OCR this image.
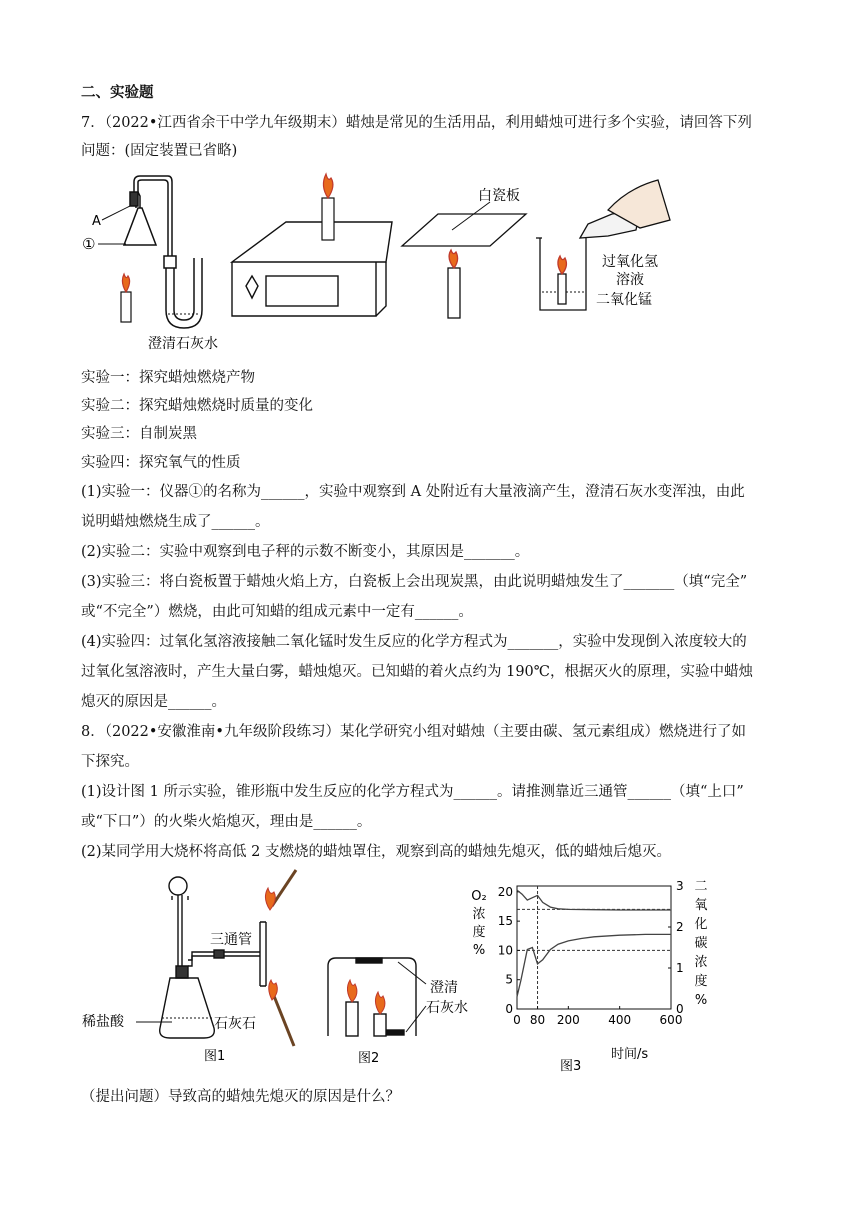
二、实验题
7．（2022•江西省余干中学九年级期末）蜡烛是常见的生活用品，利用蜡烛可进行多个实验，请回答下列
问题：(固定装置已省略)
A
①
澄清石灰水
白瓷板
过氧化氢
溶液
二氧化锰
实验一：探究蜡烛燃烧产物
实验二：探究蜡烛燃烧时质量的变化
实验三：自制炭黑
实验四：探究氧气的性质
(1)实验一：仪器①的名称为______，实验中观察到 A 处附近有大量液滴产生，澄清石灰水变浑浊，由此
说明蜡烛燃烧生成了______。
(2)实验二：实验中观察到电子秤的示数不断变小，其原因是_______。
(3)实验三：将白瓷板置于蜡烛火焰上方，白瓷板上会出现炭黑，由此说明蜡烛发生了_______（填“完全”
或“不完全”）燃烧，由此可知蜡的组成元素中一定有______。
(4)实验四：过氧化氢溶液接触二氧化锰时发生反应的化学方程式为_______，实验中发现倒入浓度较大的
过氧化氢溶液时，产生大量白雾，蜡烛熄灭。已知蜡的着火点约为 190℃，根据灭火的原理，实验中蜡烛
熄灭的原因是______。
8．（2022•安徽淮南•九年级阶段练习）某化学研究小组对蜡烛（主要由碳、氢元素组成）燃烧进行了如
下探究。
(1)设计图 1 所示实验，锥形瓶中发生反应的化学方程式为______。请推测靠近三通管______（填“上口”
或“下口”）的火柴火焰熄灭，理由是______。
(2)某同学用大烧杯将高低 2 支燃烧的蜡烛罩住，观察到高的蜡烛先熄灭，低的蜡烛后熄灭。
三通管
稀盐酸	石灰石
图1
澄清
石灰水
图2
0 80 200 400 600
20
15
10
5
0
3
2
1
0
O₂
浓
度
%
二
氧
化
碳
浓
度
%
图3
时间/s
（提出问题）导致高的蜡烛先熄灭的原因是什么？
